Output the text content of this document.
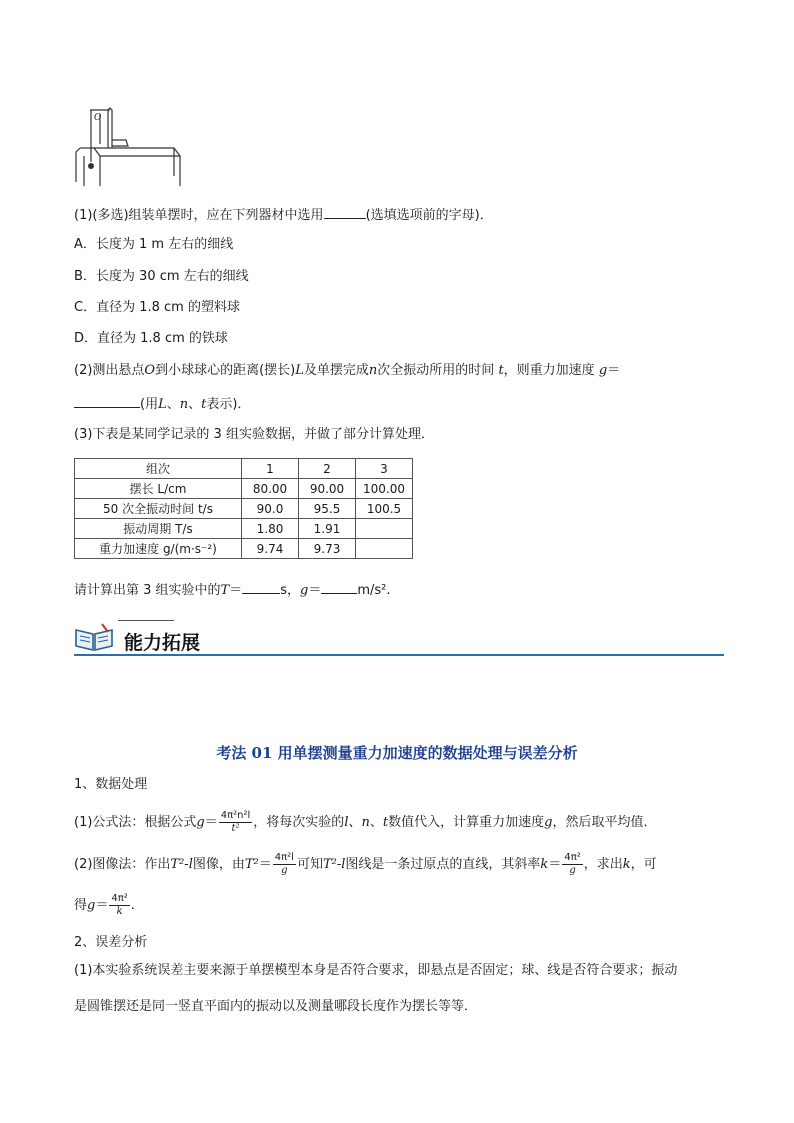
O
(1)(多选)组装单摆时，应在下列器材中选用	(选填选项前的字母)．
A．长度为 1 m 左右的细线
B．长度为 30 cm 左右的细线
C．直径为 1.8 cm 的塑料球
D．直径为 1.8 cm 的铁球
(2)测出悬点O到小球球心的距离(摆长)L及单摆完成n次全振动所用的时间 t，则重力加速度 g＝
(用L、n、t表示)．
(3)下表是某同学记录的 3 组实验数据，并做了部分计算处理．
组次	1	2	3
摆长 L/cm	80.00	90.00	100.00
50 次全振动时间 t/s	90.0	95.5	100.5
振动周期 T/s	1.80	1.91	
重力加速度 g/(m·s⁻²)	9.74	9.73	
请计算出第 3 组实验中的T＝	s，g＝	m/s².
能力拓展
考法 01 用单摆测量重力加速度的数据处理与误差分析
1、数据处理
(1)公式法：根据公式$g= \frac{\text{4π²n²l}}{\text{t²}}$ ，将每次实验的l、n、t数值代入，计算重力加速度g，然后取平均值．
(2)图像法：作出T²-l图像，由$T^2= \frac{\text{4π²l}}{g}$ 可知T²-l图线是一条过原点的直线，其斜率$k= \frac{\text{4π²}}{g}$ ，求出k，可
得$g= \frac{\text{4π²}}{k}$ .
2、误差分析
(1)本实验系统误差主要来源于单摆模型本身是否符合要求，即悬点是否固定；球、线是否符合要求；振动
是圆锥摆还是同一竖直平面内的振动以及测量哪段长度作为摆长等等．
